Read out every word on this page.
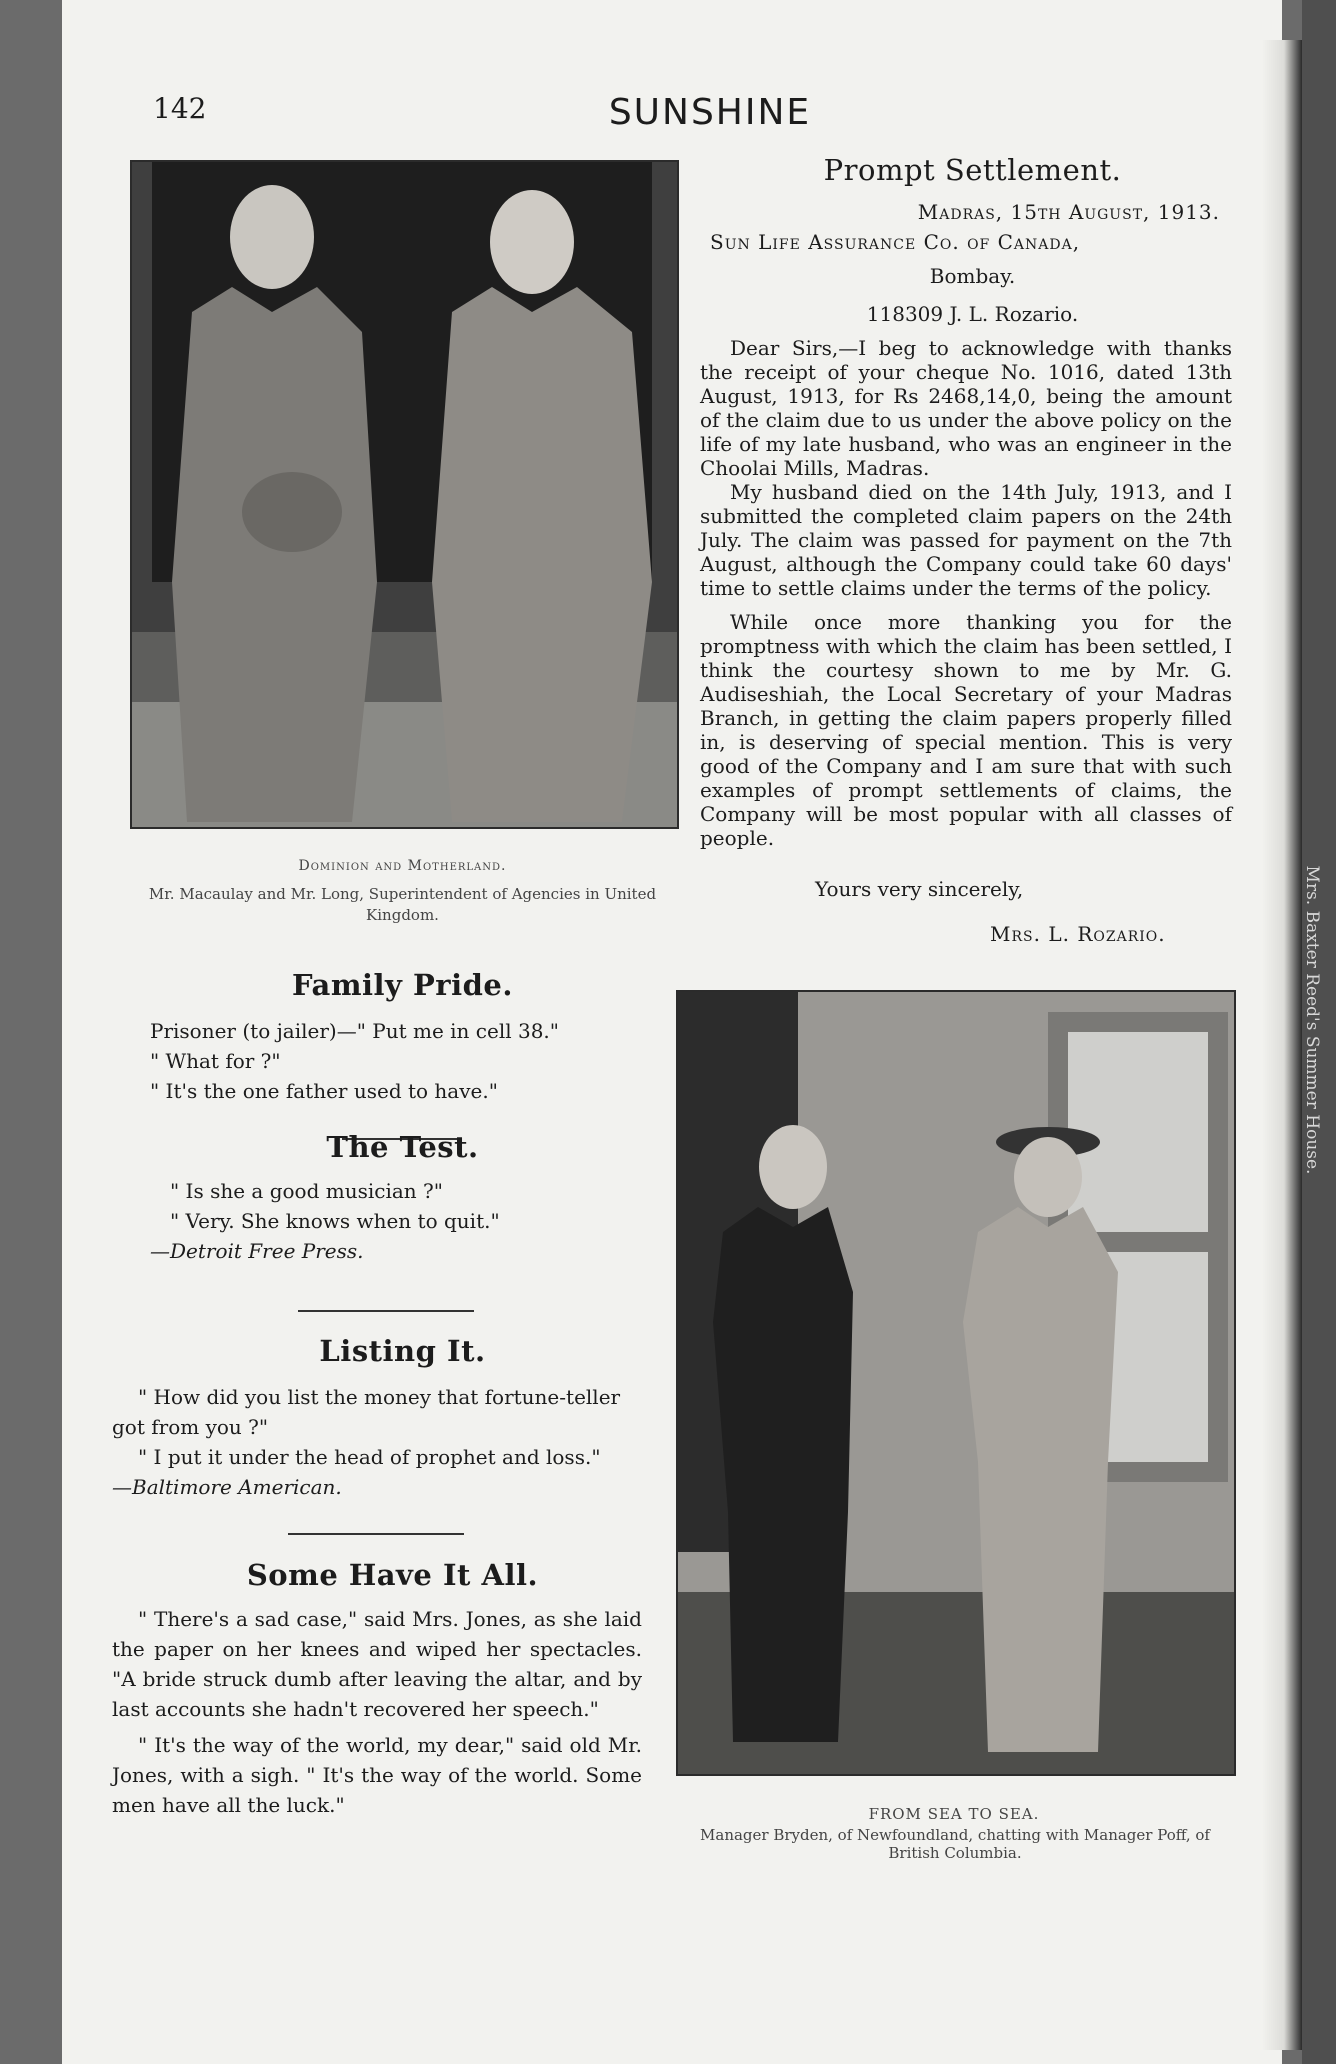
Mrs. Baxter Reed's Summer House.
142	SUNSHINE
Dominion and Motherland.
Mr. Macaulay and Mr. Long, Superintendent of Agencies in United Kingdom.
Prompt Settlement.
Madras, 15th August, 1913.
Sun Life Assurance Co. of Canada,
Bombay.
118309 J. L. Rozario.

Dear Sirs,—I beg to acknowledge with thanks the receipt of your cheque No. 1016, dated 13th August, 1913, for Rs 2468,14,0, being the amount of the claim due to us under the above policy on the life of my late husband, who was an engineer in the Choolai Mills, Madras.

My husband died on the 14th July, 1913, and I submitted the completed claim papers on the 24th July. The claim was passed for payment on the 7th August, although the Company could take 60 days' time to settle claims under the terms of the policy.

While once more thanking you for the promptness with which the claim has been settled, I think the courtesy shown to me by Mr. G. Audiseshiah, the Local Secretary of your Madras Branch, in getting the claim papers properly filled in, is deserving of special mention. This is very good of the Company and I am sure that with such examples of prompt settlements of claims, the Company will be most popular with all classes of people.

Yours very sincerely,
Mrs. L. Rozario.
Family Pride.

Prisoner (to jailer)—" Put me in cell 38."

" What for ?"

" It's the one father used to have."

The Test.

" Is she a good musician ?"

" Very. She knows when to quit."

—Detroit Free Press.

Listing It.

" How did you list the money that fortune-teller got from you ?"

" I put it under the head of prophet and loss."

—Baltimore American.

Some Have It All.

" There's a sad case," said Mrs. Jones, as she laid the paper on her knees and wiped her spectacles. "A bride struck dumb after leaving the altar, and by last accounts she hadn't recovered her speech."

" It's the way of the world, my dear," said old Mr. Jones, with a sigh. " It's the way of the world. Some men have all the luck."	FROM SEA TO SEA.
Manager Bryden, of Newfoundland, chatting with Manager Poff, of British Columbia.
